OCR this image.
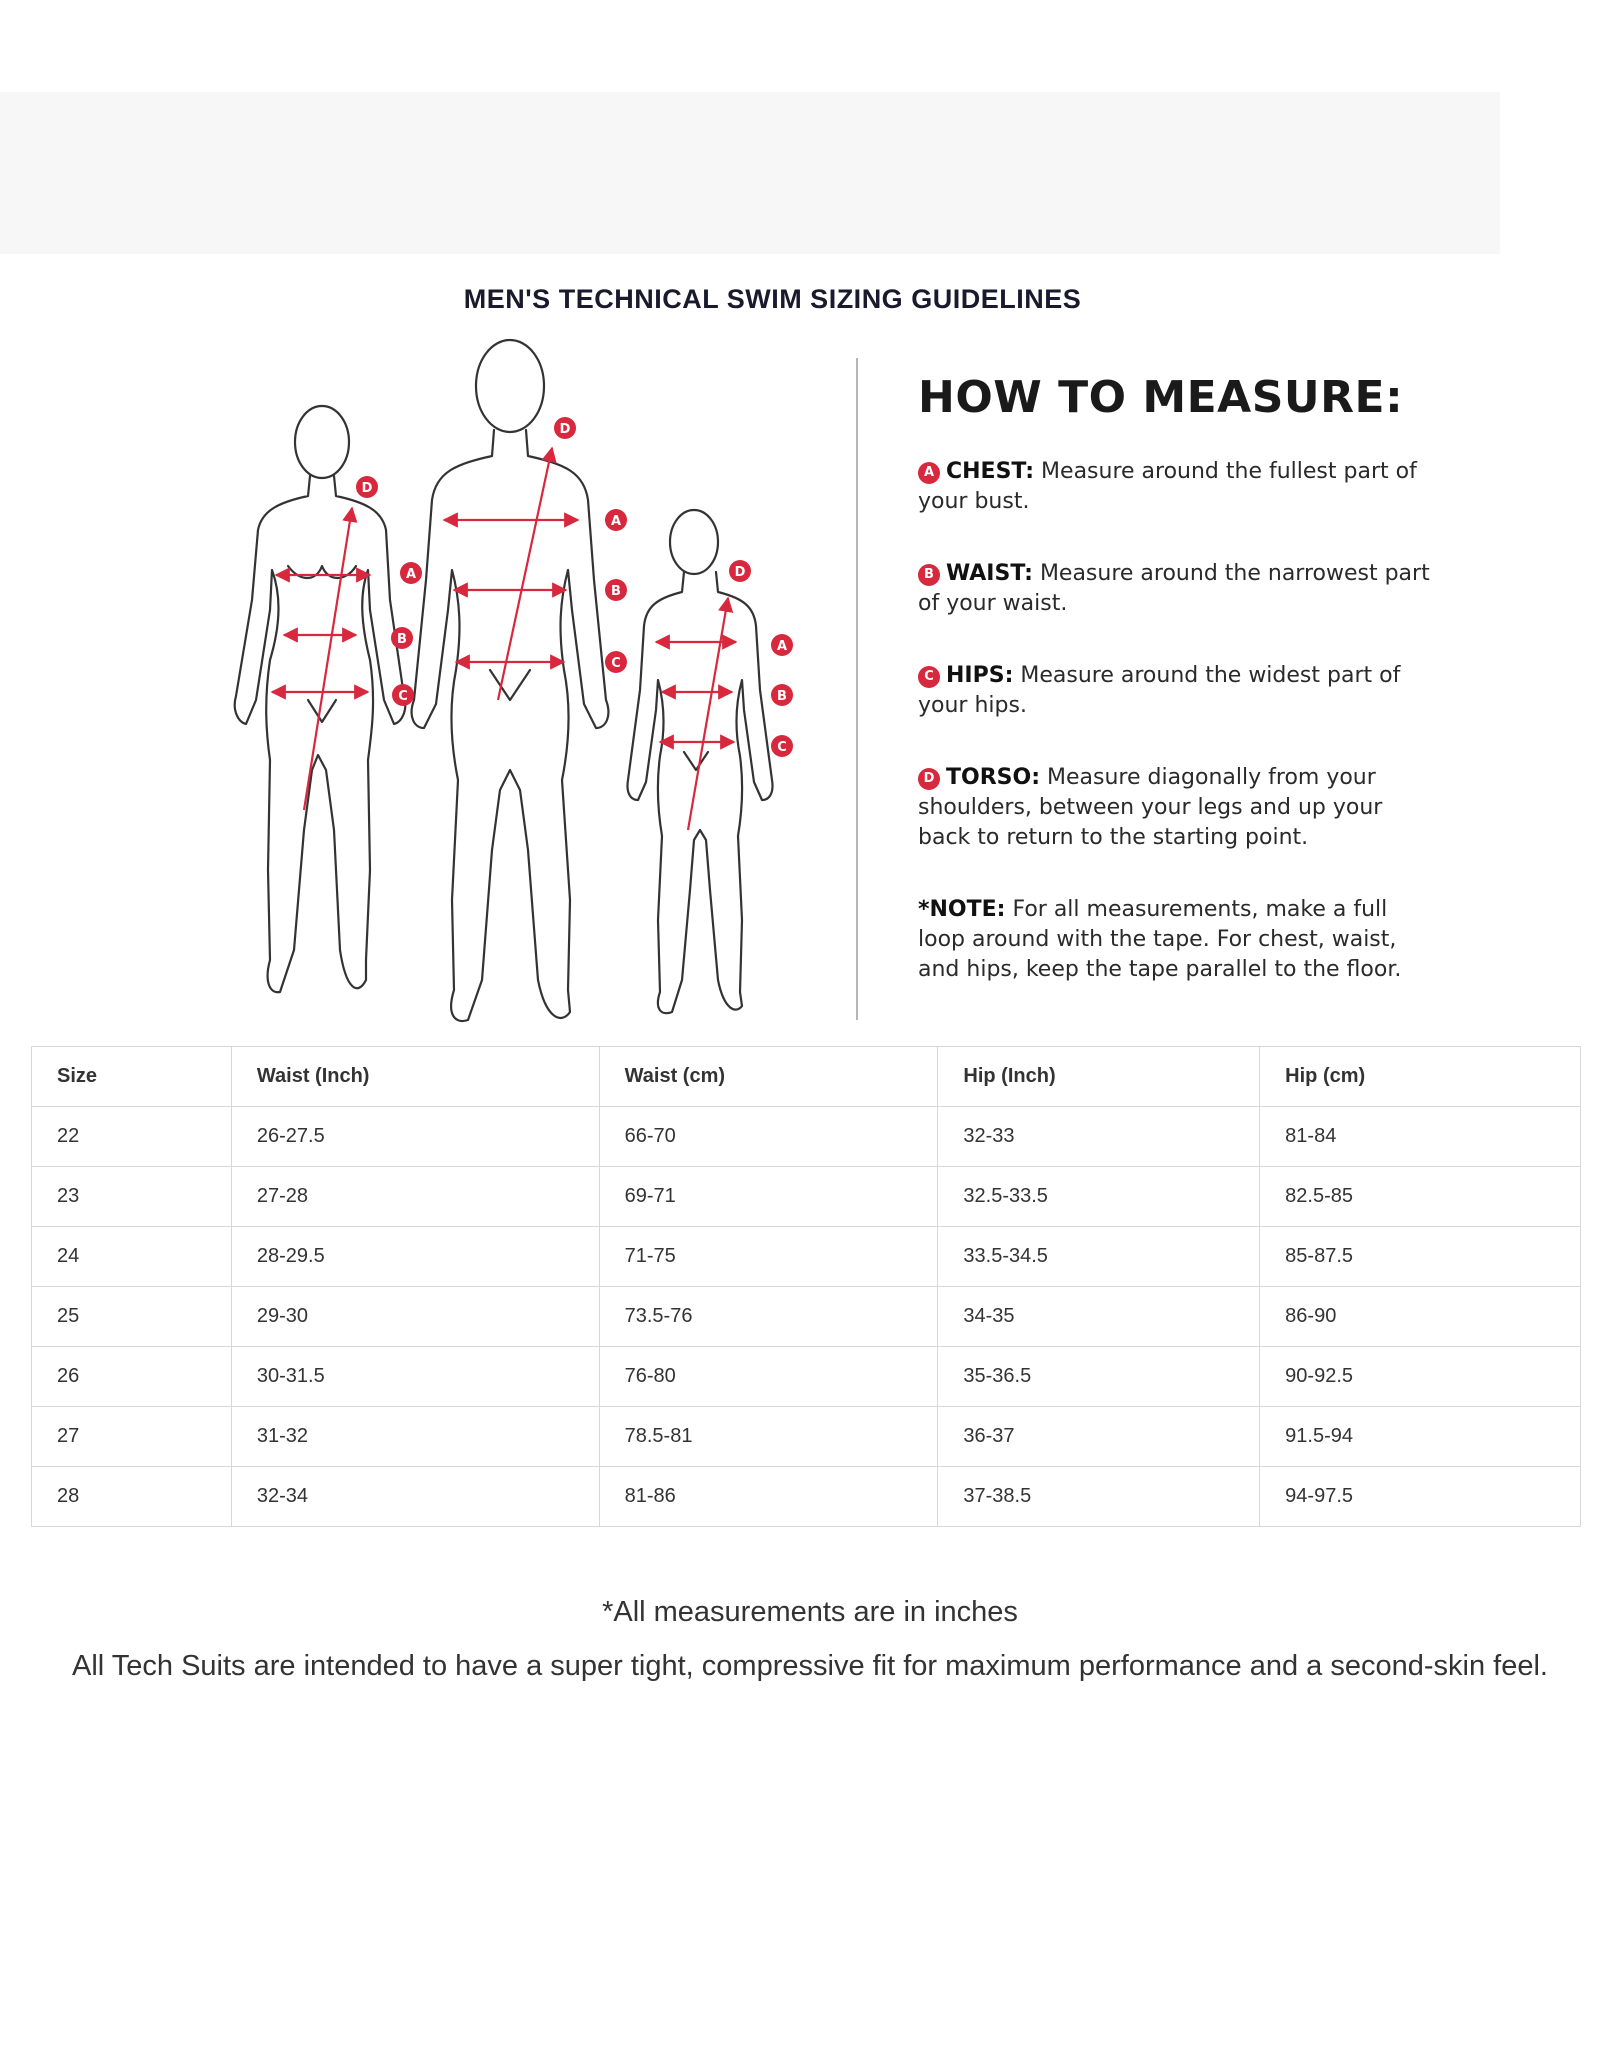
MEN'S TECHNICAL SWIM SIZING GUIDELINES
D
A
B
C
D
A
B
C
D
A
B
C
HOW TO MEASURE:
A CHEST: Measure around the fullest part of your bust.
B WAIST: Measure around the narrowest part of your waist.
C HIPS: Measure around the widest part of your hips.
D TORSO: Measure diagonally from your shoulders, between your legs and up your back to return to the starting point.
*NOTE: For all measurements, make a full loop around with the tape. For chest, waist, and hips, keep the tape parallel to the floor.
Size	Waist (Inch)	Waist (cm)	Hip (Inch)	Hip (cm)
22	26-27.5	66-70	32-33	81-84
23	27-28	69-71	32.5-33.5	82.5-85
24	28-29.5	71-75	33.5-34.5	85-87.5
25	29-30	73.5-76	34-35	86-90
26	30-31.5	76-80	35-36.5	90-92.5
27	31-32	78.5-81	36-37	91.5-94
28	32-34	81-86	37-38.5	94-97.5
*All measurements are in inches
All Tech Suits are intended to have a super tight, compressive fit for maximum performance and a second-skin feel.
